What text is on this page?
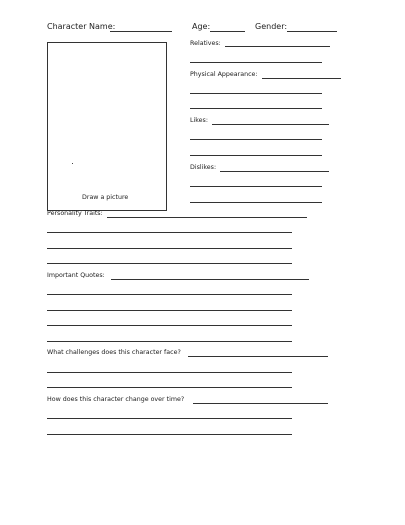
Character Name:	Age:	Gender:
Draw a picture
Relatives:
Physical Appearance:
Likes:
Dislikes:
Personality Traits:
Important Quotes:
What challenges does this character face?
How does this character change over time?
